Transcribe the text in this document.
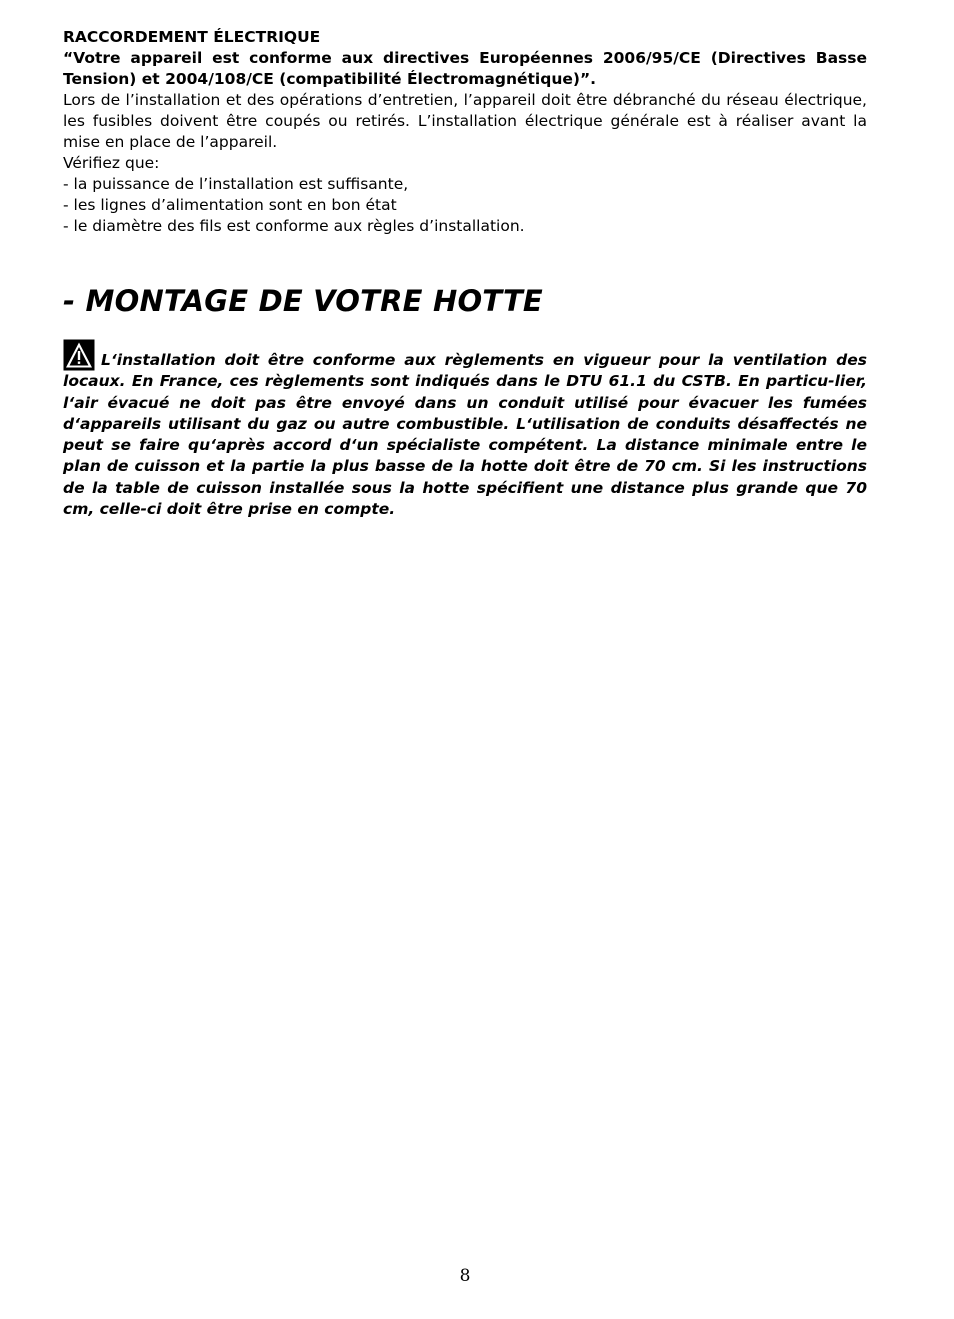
RACCORDEMENT ÉLECTRIQUE

“Votre appareil est conforme aux directives Européennes 2006/95/CE (Directives Basse Tension) et 2004/108/CE (compatibilité Électromagnétique)”.

Lors de l’installation et des opérations d’entretien, l’appareil doit être débranché du réseau électrique, les fusibles doivent être coupés ou retirés. L’installation électrique générale est à réaliser avant la mise en place de l’appareil.

Vérifiez que:

- la puissance de l’installation est suffisante,

- les lignes d’alimentation sont en bon état

- le diamètre des fils est conforme aux règles d’installation.

- MONTAGE DE VOTRE HOTTE
L‘installation doit être conforme aux règlements en vigueur pour la ventilation des locaux. En France, ces règlements sont indiqués dans le DTU 61.1 du CSTB. En particu-lier, l‘air évacué ne doit pas être envoyé dans un conduit utilisé pour évacuer les fumées d‘appareils utilisant du gaz ou autre combustible. L‘utilisation de conduits désaffectés ne peut se faire qu‘après accord d‘un spécialiste compétent. La distance minimale entre le plan de cuisson et la partie la plus basse de la hotte doit être de 70 cm. Si les instructions de la table de cuisson installée sous la hotte spécifient une distance plus grande que 70 cm, celle-ci doit être prise en compte.
8
